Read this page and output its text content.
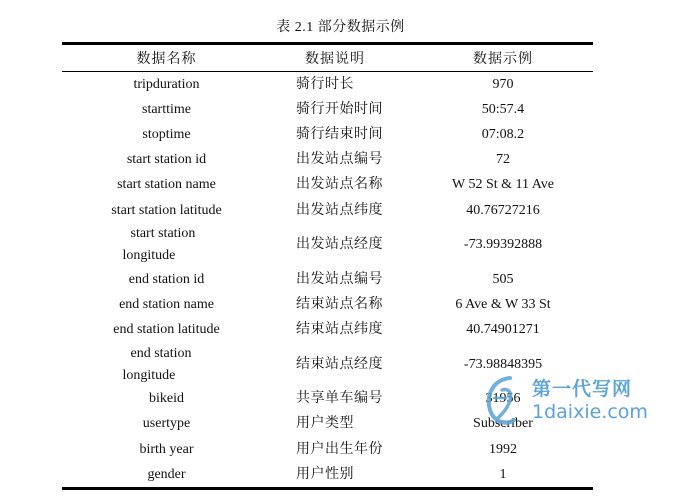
表 2.1 部分数据示例
数据名称	数据说明	数据示例
tripduration	骑行时长	970
starttime	骑行开始时间	50:57.4
stoptime	骑行结束时间	07:08.2
start station id	出发站点编号	72
start station name	出发站点名称	W 52 St & 11 Ave
start station latitude	出发站点纬度	40.76727216
start station
longitude	出发站点经度	-73.99392888
end station id	出发站点编号	505
end station name	结束站点名称	6 Ave & W 33 St
end station latitude	结束站点纬度	40.74901271
end station
longitude	结束站点经度	-73.98848395
bikeid	共享单车编号	31956
usertype	用户类型	Subscriber
birth year	用户出生年份	1992
gender	用户性别	1
第一代写网
1daixie.com
